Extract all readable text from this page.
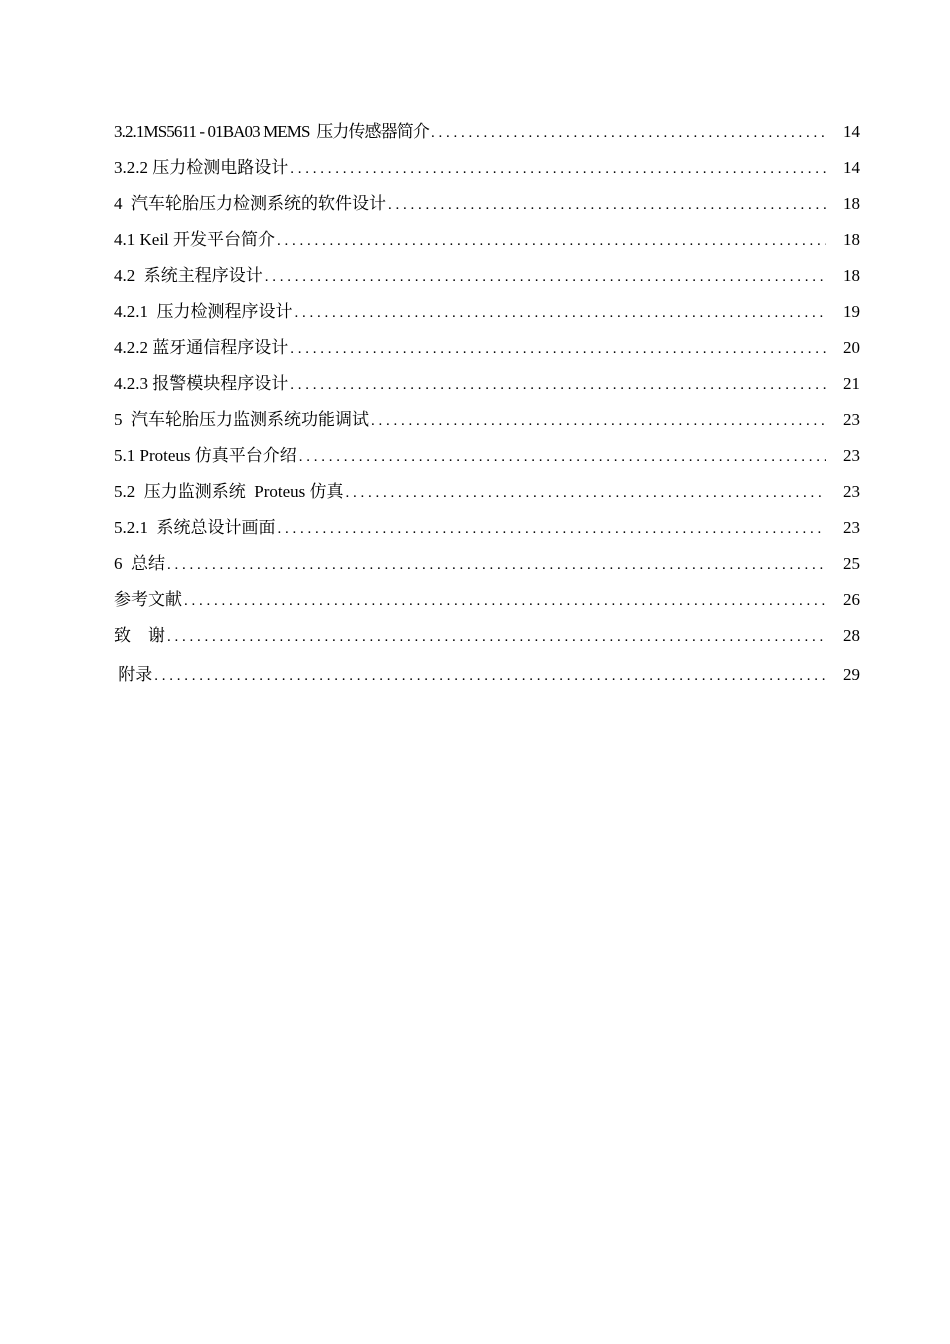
3.2.1MS5611 - 01BA03 MEMS  压力传感器简介 . . .	14
3.2.2 压力检测电路设计 . . .	14
4  汽车轮胎压力检测系统的软件设计 . . .	18
4.1 Keil 开发平台简介 . . .	18
4.2  系统主程序设计 . . .	18
4.2.1  压力检测程序设计 . . .	19
4.2.2 蓝牙通信程序设计 . . .	20
4.2.3 报警模块程序设计 . . .	21
5  汽车轮胎压力监测系统功能调试 . . .	23
5.1 Proteus 仿真平台介绍 . . .	23
5.2  压力监测系统  Proteus 仿真 . . .	23
5.2.1  系统总设计画面 . . .	23
6  总结 . . .	25
参考文献 . . .	26
致    谢 . . .	28
附录 . . .	29
